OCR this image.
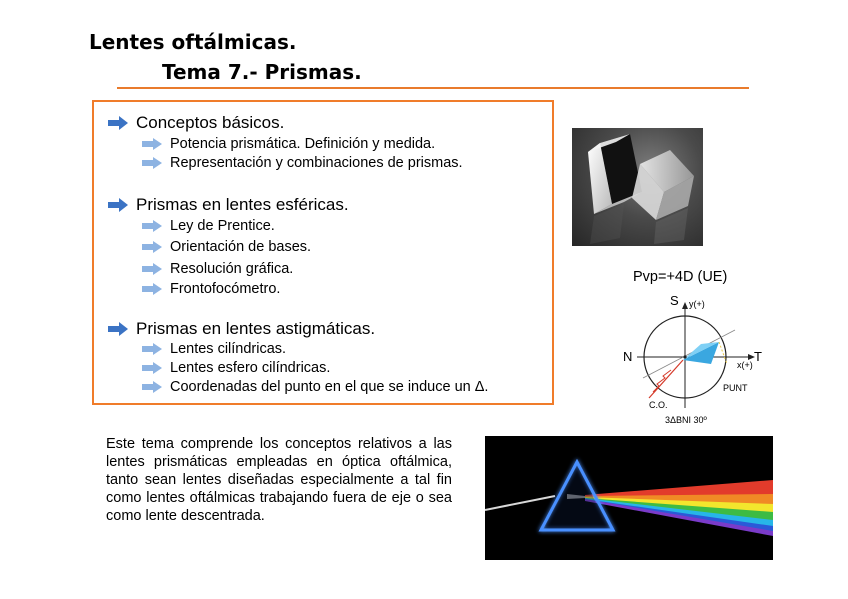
Lentes oftálmicas.
Tema 7.- Prismas.
Conceptos básicos.
Potencia prismática. Definición y medida.
Representación y combinaciones de prismas.
Prismas en lentes esféricas.
Ley de Prentice.
Orientación de bases.
Resolución gráfica.
Frontofocómetro.
Prismas en lentes astigmáticas.
Lentes cilíndricas.
Lentes esfero cilíndricas.
Coordenadas del punto en el que se induce un Δ.
Pvp=+4D (UE)
S y(+)
N	T
x(+)
PUNT
C.O.
3ΔBNI 30º
Este tema comprende los conceptos relativos a las lentes prismáticas empleadas en óptica oftálmica, tanto sean lentes diseñadas especialmente a tal fin como lentes oftálmicas trabajando fuera de eje o sea como lente descentrada.
